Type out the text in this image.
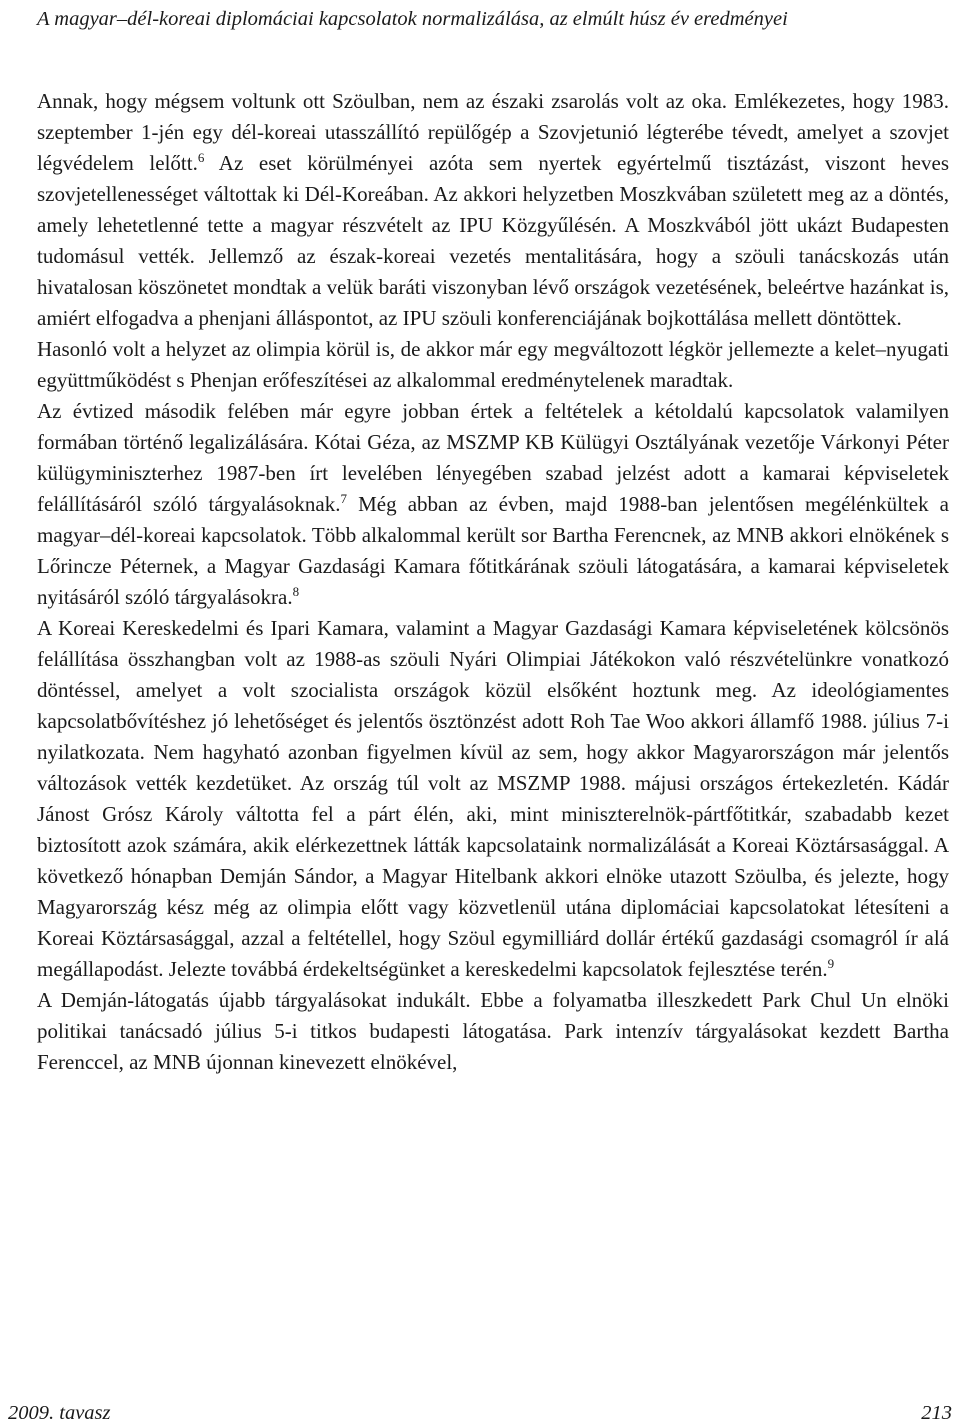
A magyar–dél-koreai diplomáciai kapcsolatok normalizálása, az elmúlt húsz év eredményei

Annak, hogy mégsem voltunk ott Szöulban, nem az északi zsarolás volt az oka. Emlékezetes, hogy 1983. szeptember 1-jén egy dél-koreai utasszállító repülőgép a Szovjetunió légterébe tévedt, amelyet a szovjet légvédelem lelőtt.$^6$ Az eset körülményei azóta sem nyertek egyértelmű tisztázást, viszont heves szovjetellenességet váltottak ki Dél-Koreában. Az akkori helyzetben Moszkvában született meg az a döntés, amely lehetetlenné tette a magyar részvételt az IPU Közgyűlésén. A Moszkvából jött ukázt Budapesten tudomásul vették. Jellemző az észak-koreai vezetés mentalitására, hogy a szöuli tanácskozás után hivatalosan köszönetet mondtak a velük baráti viszonyban lévő országok vezetésének, beleértve hazánkat is, amiért elfogadva a phenjani álláspontot, az IPU szöuli konferenciájának bojkottálása mellett döntöttek.

Hasonló volt a helyzet az olimpia körül is, de akkor már egy megváltozott légkör jellemezte a kelet–nyugati együttműködést s Phenjan erőfeszítései az alkalommal eredménytelenek maradtak.

Az évtized második felében már egyre jobban értek a feltételek a kétoldalú kapcsolatok valamilyen formában történő legalizálására. Kótai Géza, az MSZMP KB Külügyi Osztályának vezetője Várkonyi Péter külügyminiszterhez 1987-ben írt levelében lényegében szabad jelzést adott a kamarai képviseletek felállításáról szóló tárgyalásoknak.$^7$ Még abban az évben, majd 1988-ban jelentősen megélénkültek a magyar–dél-koreai kapcsolatok. Több alkalommal került sor Bartha Ferencnek, az MNB akkori elnökének s Lőrincze Péternek, a Magyar Gazdasági Kamara főtitkárának szöuli látogatására, a kamarai képviseletek nyitásáról szóló tárgyalásokra.$^8$

A Koreai Kereskedelmi és Ipari Kamara, valamint a Magyar Gazdasági Kamara képviseletének kölcsönös felállítása összhangban volt az 1988-as szöuli Nyári Olimpiai Játékokon való részvételünkre vonatkozó döntéssel, amelyet a volt szocialista országok közül elsőként hoztunk meg. Az ideológiamentes kapcsolatbővítéshez jó lehetőséget és jelentős ösztönzést adott Roh Tae Woo akkori államfő 1988. július 7-i nyilatkozata. Nem hagyható azonban figyelmen kívül az sem, hogy akkor Magyarországon már jelentős változások vették kezdetüket. Az ország túl volt az MSZMP 1988. májusi országos értekezletén. Kádár Jánost Grósz Károly váltotta fel a párt élén, aki, mint miniszterelnök-pártfőtitkár, szabadabb kezet biztosított azok számára, akik elérkezettnek látták kapcsolataink normalizálását a Koreai Köztársasággal. A következő hónapban Demján Sándor, a Magyar Hitelbank akkori elnöke utazott Szöulba, és jelezte, hogy Magyarország kész még az olimpia előtt vagy közvetlenül utána diplomáciai kapcsolatokat létesíteni a Koreai Köztársasággal, azzal a feltétellel, hogy Szöul egymilliárd dollár értékű gazdasági csomagról ír alá megállapodást. Jelezte továbbá érdekeltségünket a kereskedelmi kapcsolatok fejlesztése terén.$^9$

A Demján-látogatás újabb tárgyalásokat indukált. Ebbe a folyamatba illeszkedett Park Chul Un elnöki politikai tanácsadó július 5-i titkos budapesti látogatása. Park intenzív tárgyalásokat kezdett Bartha Ferenccel, az MNB újonnan kinevezett elnökével,

2009. tavasz	213
